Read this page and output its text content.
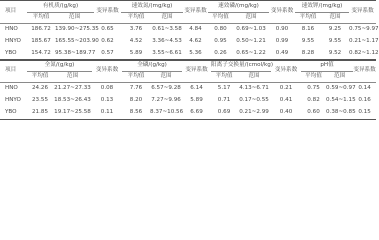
项目	有机质/(g/kg)		变异系数	速效氮/(mg/kg)		变异系数	速效磷/(mg/kg)		变异系数	速效钾/(mg/kg)		变异系数
	平均值	范围		平均值	范围		平均值	范围		平均值	范围	
HNO	186.72	139.90~275.35	0.65	3.76	0.61~3.58	4.84	0.80	0.69~1.03	0.90	8.16	9.25	0.75~9.97
HNYO	185.67	165.55~203.90	0.62	4.52	3.36~4.53	4.62	0.95	0.50~1.21	0.99	9.55	9.55	0.21~1.17
YBO	154.72	95.38~189.77	0.57	5.89	3.55~6.61	5.36	0.26	0.65~1.22	0.49	8.28	9.52	0.82~1.12
项目	全氮/(g/kg)		变异系数	全磷/(g/kg)		变异系数	阳离子交换量/(cmol/kg)		变异系数	pH值		变异系数
	平均值	范围		平均值	范围		平均值	范围		平均值	范围	
HNO	24.26	21.27~27.33	0.08	7.76	6.57~9.28	6.14	5.17	4.13~6.71	0.21	0.75	0.59~0.97	0.14
HNYO	23.55	18.53~26.43	0.13	8.20	7.27~9.96	5.89	0.71	0.17~0.55	0.41	0.82	0.54~1.15	0.16
YBO	21.85	19.17~25.58	0.11	8.56	8.37~10.56	6.69	0.69	0.21~2.99	0.40	0.60	0.38~0.85	0.15
